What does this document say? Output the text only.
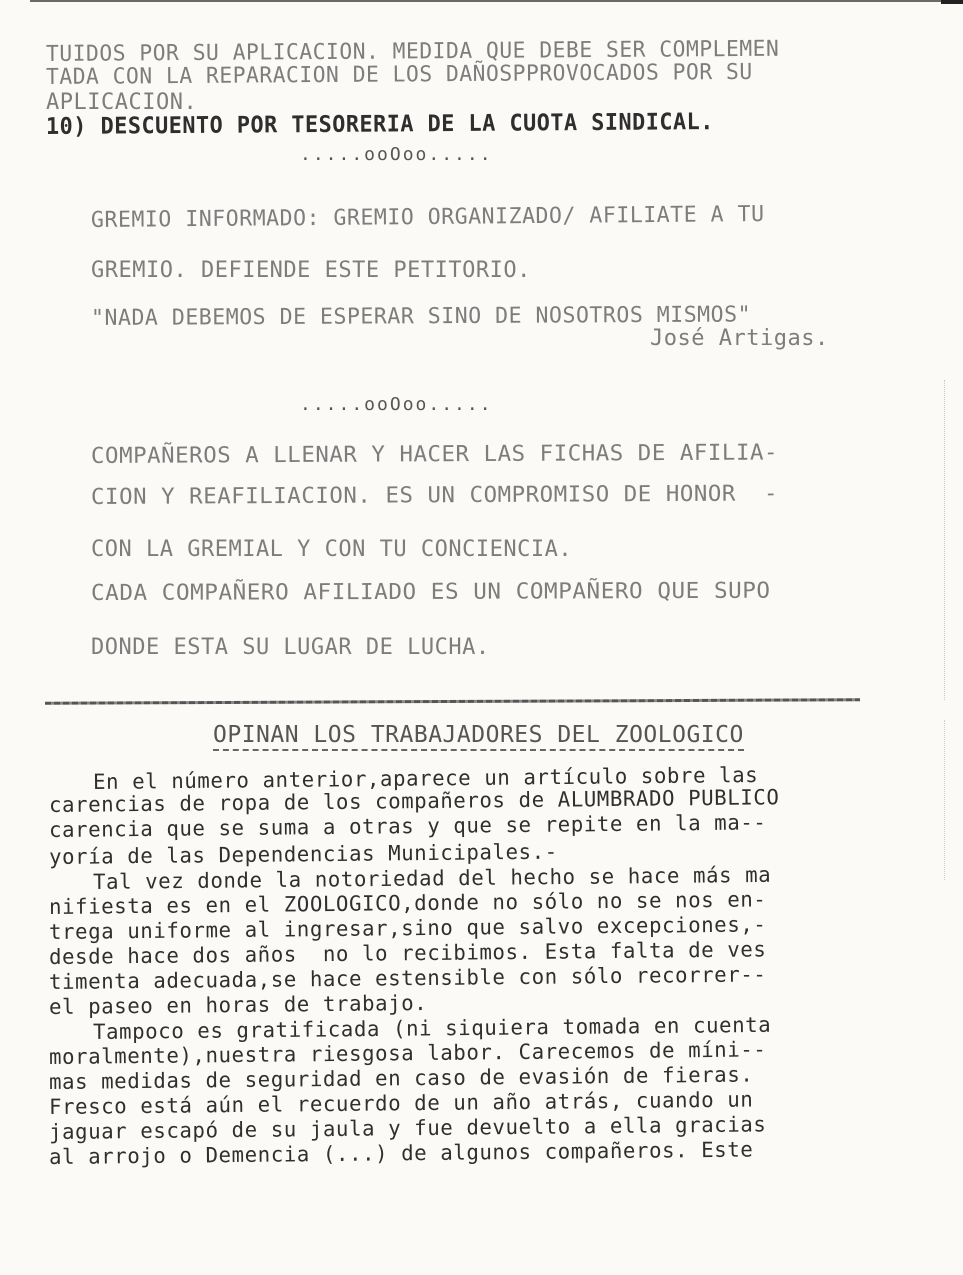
TUIDOS POR SU APLICACION. MEDIDA QUE DEBE SER COMPLEMEN
TADA CON LA REPARACION DE LOS DAÑOSPPROVOCADOS POR SU
APLICACION.
10) DESCUENTO POR TESORERIA DE LA CUOTA SINDICAL.
.....ooOoo.....
GREMIO INFORMADO: GREMIO ORGANIZADO/ AFILIATE A TU
GREMIO. DEFIENDE ESTE PETITORIO.
"NADA DEBEMOS DE ESPERAR SINO DE NOSOTROS MISMOS"
José Artigas.
.....ooOoo.....
COMPAÑEROS A LLENAR Y HACER LAS FICHAS DE AFILIA-
CION Y REAFILIACION. ES UN COMPROMISO DE HONOR  -
CON LA GREMIAL Y CON TU CONCIENCIA.
CADA COMPAÑERO AFILIADO ES UN COMPAÑERO QUE SUPO
DONDE ESTA SU LUGAR DE LUCHA.
OPINAN LOS TRABAJADORES DEL ZOOLOGICO
En el número anterior,aparece un artículo sobre las
carencias de ropa de los compañeros de ALUMBRADO PUBLICO
carencia que se suma a otras y que se repite en la ma--
yoría de las Dependencias Municipales.-
Tal vez donde la notoriedad del hecho se hace más ma
nifiesta es en el ZOOLOGICO,donde no sólo no se nos en-
trega uniforme al ingresar,sino que salvo excepciones,-
desde hace dos años  no lo recibimos. Esta falta de ves
timenta adecuada,se hace estensible con sólo recorrer--
el paseo en horas de trabajo.
Tampoco es gratificada (ni siquiera tomada en cuenta
moralmente),nuestra riesgosa labor. Carecemos de míni--
mas medidas de seguridad en caso de evasión de fieras.
Fresco está aún el recuerdo de un año atrás, cuando un
jaguar escapó de su jaula y fue devuelto a ella gracias
al arrojo o Demencia (...) de algunos compañeros. Este
